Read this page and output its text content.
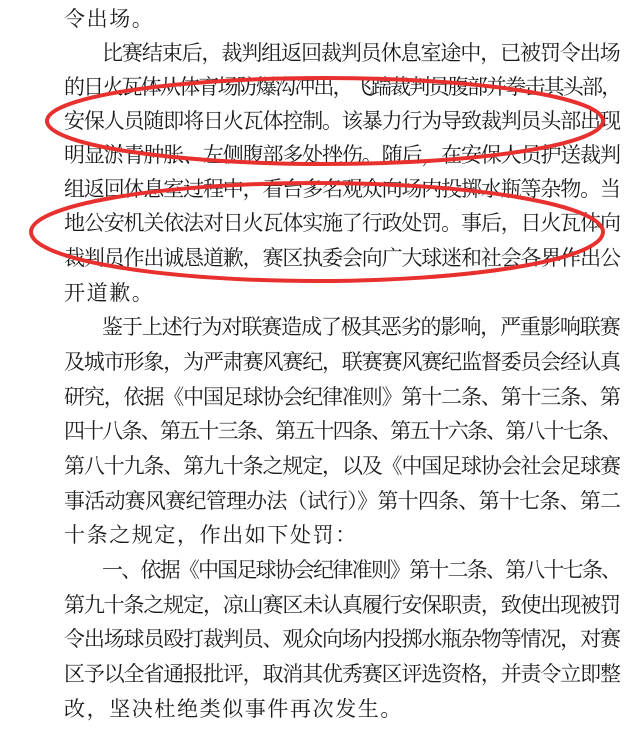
令出场。
比赛结束后，裁判组返回裁判员休息室途中，已被罚令出场
的日火瓦体从体育场防爆沟冲出，飞踹裁判员腹部并拳击其头部，
安保人员随即将日火瓦体控制。该暴力行为导致裁判员头部出现
明显淤青肿胀、左侧腹部多处挫伤。随后，在安保人员护送裁判
组返回休息室过程中，看台多名观众向场内投掷水瓶等杂物。当
地公安机关依法对日火瓦体实施了行政处罚。事后，日火瓦体向
裁判员作出诚恳道歉，赛区执委会向广大球迷和社会各界作出公
开道歉。
鉴于上述行为对联赛造成了极其恶劣的影响，严重影响联赛
及城市形象，为严肃赛风赛纪，联赛赛风赛纪监督委员会经认真
研究，依据《中国足球协会纪律准则》第十二条、第十三条、第
四十八条、第五十三条、第五十四条、第五十六条、第八十七条、
第八十九条、第九十条之规定，以及《中国足球协会社会足球赛
事活动赛风赛纪管理办法（试行）》第十四条、第十七条、第二
十条之规定，作出如下处罚：
一、依据《中国足球协会纪律准则》第十二条、第八十七条、
第九十条之规定，凉山赛区未认真履行安保职责，致使出现被罚
令出场球员殴打裁判员、观众向场内投掷水瓶杂物等情况，对赛
区予以全省通报批评，取消其优秀赛区评选资格，并责令立即整
改，坚决杜绝类似事件再次发生。
